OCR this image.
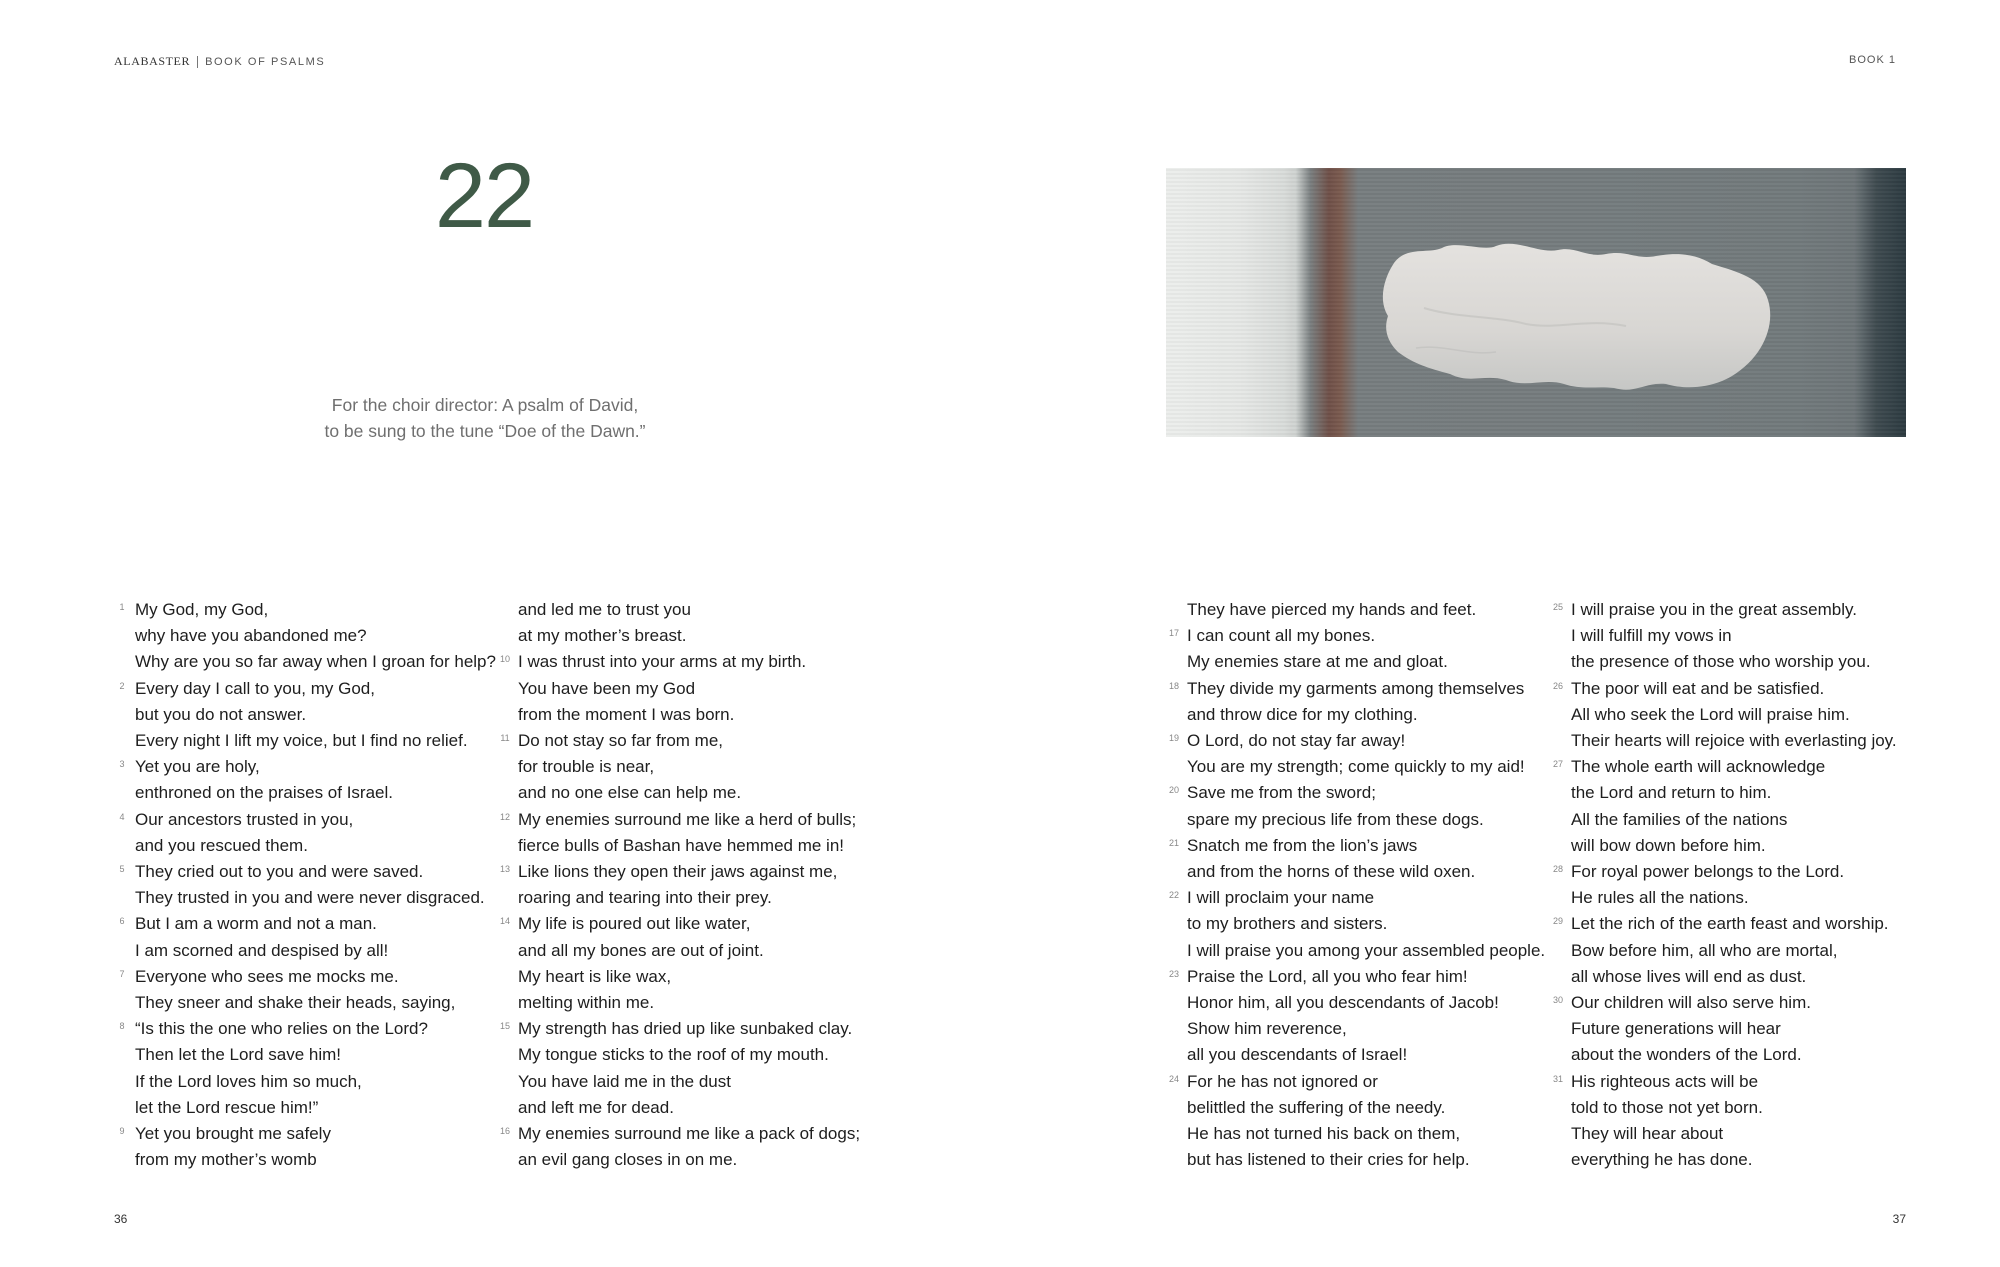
ALABASTER BOOK OF PSALMS	BOOK 1
22
For the choir director: A psalm of David,
to be sung to the tune “Doe of the Dawn.”
1 My God, my God,
why have you abandoned me?
Why are you so far away when I groan for help?
2 Every day I call to you, my God,
but you do not answer.
Every night I lift my voice, but I find no relief.
3 Yet you are holy,
enthroned on the praises of Israel.
4 Our ancestors trusted in you,
and you rescued them.
5 They cried out to you and were saved.
They trusted in you and were never disgraced.
6 But I am a worm and not a man.
I am scorned and despised by all!
7 Everyone who sees me mocks me.
They sneer and shake their heads, saying,
8 “Is this the one who relies on the Lord?
Then let the Lord save him!
If the Lord loves him so much,
let the Lord rescue him!”
9 Yet you brought me safely
from my mother’s womb
and led me to trust you
at my mother’s breast.
10 I was thrust into your arms at my birth.
You have been my God
from the moment I was born.
11 Do not stay so far from me,
for trouble is near,
and no one else can help me.
12 My enemies surround me like a herd of bulls;
fierce bulls of Bashan have hemmed me in!
13 Like lions they open their jaws against me,
roaring and tearing into their prey.
14 My life is poured out like water,
and all my bones are out of joint.
My heart is like wax,
melting within me.
15 My strength has dried up like sunbaked clay.
My tongue sticks to the roof of my mouth.
You have laid me in the dust
and left me for dead.
16 My enemies surround me like a pack of dogs;
an evil gang closes in on me.
They have pierced my hands and feet.
17 I can count all my bones.
My enemies stare at me and gloat.
18 They divide my garments among themselves
and throw dice for my clothing.
19 O Lord, do not stay far away!
You are my strength; come quickly to my aid!
20 Save me from the sword;
spare my precious life from these dogs.
21 Snatch me from the lion’s jaws
and from the horns of these wild oxen.
22 I will proclaim your name
to my brothers and sisters.
I will praise you among your assembled people.
23 Praise the Lord, all you who fear him!
Honor him, all you descendants of Jacob!
Show him reverence,
all you descendants of Israel!
24 For he has not ignored or
belittled the suffering of the needy.
He has not turned his back on them,
but has listened to their cries for help.
25 I will praise you in the great assembly.
I will fulfill my vows in
the presence of those who worship you.
26 The poor will eat and be satisfied.
All who seek the Lord will praise him.
Their hearts will rejoice with everlasting joy.
27 The whole earth will acknowledge
the Lord and return to him.
All the families of the nations
will bow down before him.
28 For royal power belongs to the Lord.
He rules all the nations.
29 Let the rich of the earth feast and worship.
Bow before him, all who are mortal,
all whose lives will end as dust.
30 Our children will also serve him.
Future generations will hear
about the wonders of the Lord.
31 His righteous acts will be
told to those not yet born.
They will hear about
everything he has done.
36	37
